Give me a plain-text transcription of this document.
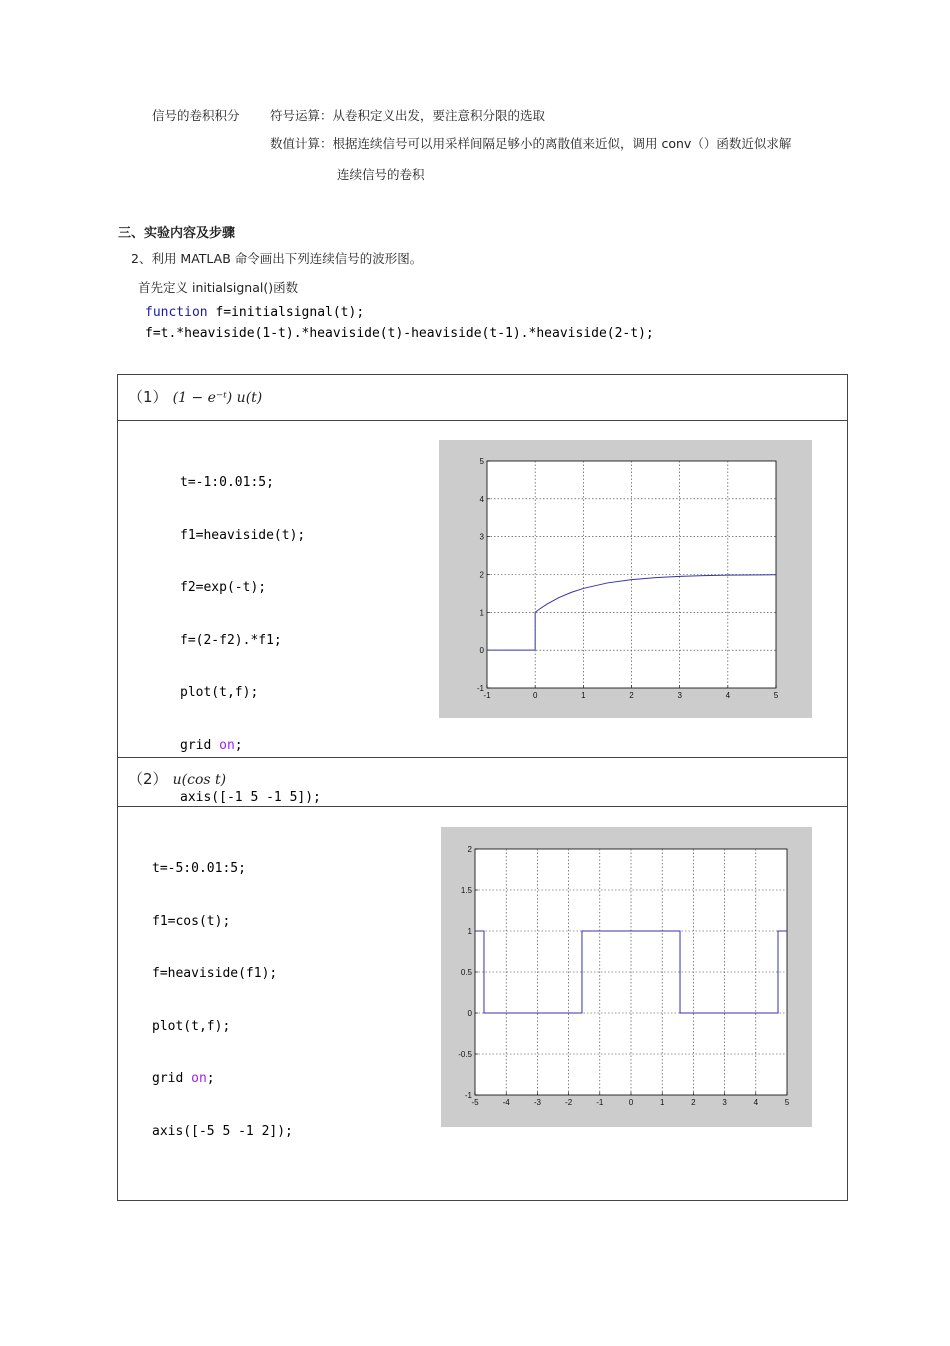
信号的卷积积分 符号运算：从卷积定义出发，要注意积分限的选取
数值计算：根据连续信号可以用采样间隔足够小的离散值来近似，调用 conv（）函数近似求解
连续信号的卷积
三、实验内容及步骤
2、利用 MATLAB 命令画出下列连续信号的波形图。
首先定义 initialsignal()函数
function f=initialsignal(t);
f=t.*heaviside(1-t).*heaviside(t)-heaviside(t-1).*heaviside(2-t);
（1） (1 − e⁻ᵗ) u(t)

t=-1:0.01:5;

f1=heaviside(t);

f2=exp(-t);

f=(2-f2).*f1;

plot(t,f);

grid on;

axis([-1 5 -1 5]);

-1	0	1	2	3	4	5
-1
0
1
2
3
4
5
（2） u(cos t)

t=-5:0.01:5;

f1=cos(t);

f=heaviside(f1);

plot(t,f);

grid on;

axis([-5 5 -1 2]);

-5	-4	-3	-2	-1	0	1	2	3	4	5
-1
-0.5
0
0.5
1
1.5
2
